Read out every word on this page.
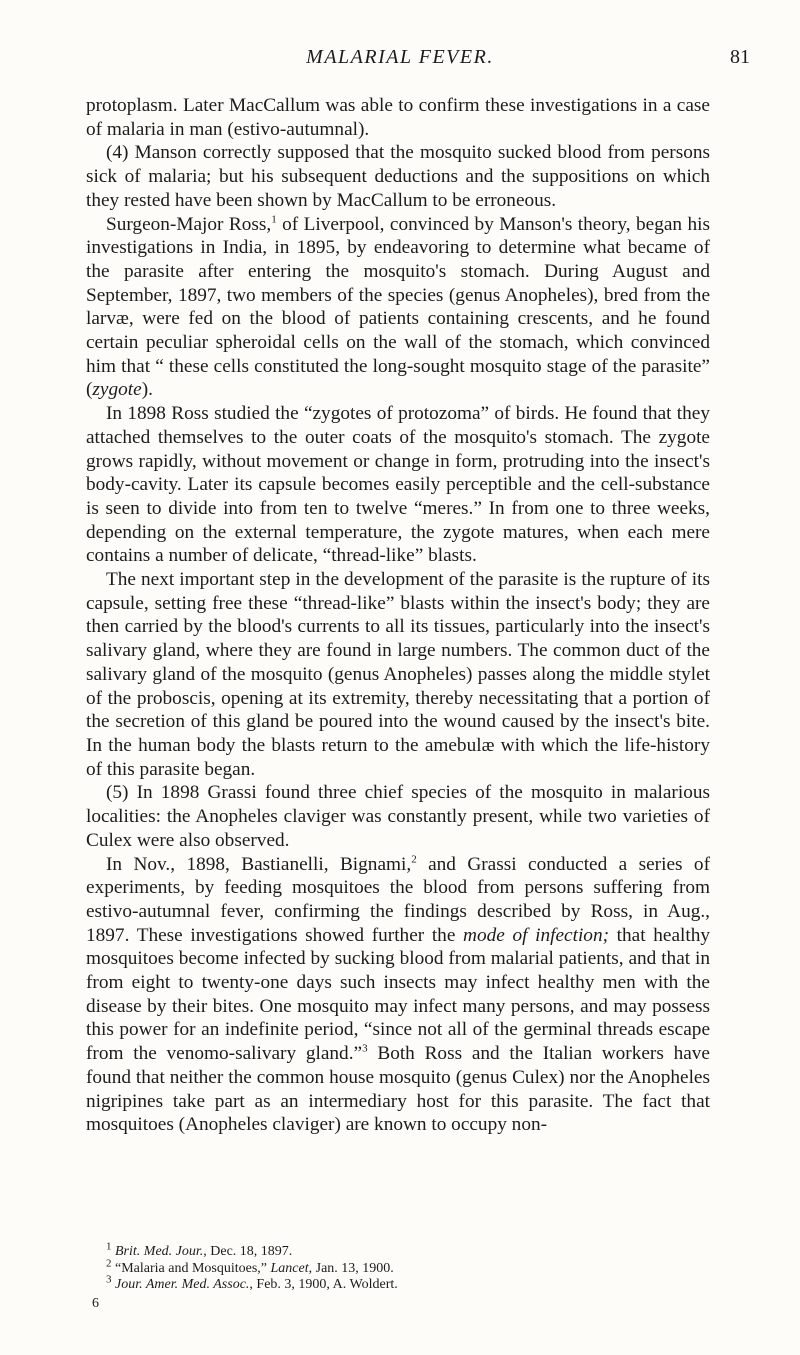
MALARIAL FEVER.	81

protoplasm. Later MacCallum was able to confirm these investigations in a case of malaria in man (estivo-autumnal).

(4) Manson correctly supposed that the mosquito sucked blood from persons sick of malaria; but his subsequent deductions and the suppositions on which they rested have been shown by MacCallum to be erroneous.

Surgeon-Major Ross,$^1$ of Liverpool, convinced by Manson's theory, began his investigations in India, in 1895, by endeavoring to determine what became of the parasite after entering the mosquito's stomach. During August and September, 1897, two members of the species (genus Anopheles), bred from the larvæ, were fed on the blood of patients containing crescents, and he found certain peculiar spheroidal cells on the wall of the stomach, which convinced him that “ these cells constituted the long-sought mosquito stage of the parasite” (zygote).

In 1898 Ross studied the “zygotes of protozoma” of birds. He found that they attached themselves to the outer coats of the mosquito's stomach. The zygote grows rapidly, without movement or change in form, protruding into the insect's body-cavity. Later its capsule becomes easily perceptible and the cell-substance is seen to divide into from ten to twelve “meres.” In from one to three weeks, depending on the external temperature, the zygote matures, when each mere contains a number of delicate, “thread-like” blasts.

The next important step in the development of the parasite is the rupture of its capsule, setting free these “thread-like” blasts within the insect's body; they are then carried by the blood's currents to all its tissues, particularly into the insect's salivary gland, where they are found in large numbers. The common duct of the salivary gland of the mosquito (genus Anopheles) passes along the middle stylet of the proboscis, opening at its extremity, thereby necessitating that a portion of the secretion of this gland be poured into the wound caused by the insect's bite. In the human body the blasts return to the amebulæ with which the life-history of this parasite began.

(5) In 1898 Grassi found three chief species of the mosquito in malarious localities: the Anopheles claviger was constantly present, while two varieties of Culex were also observed.

In Nov., 1898, Bastianelli, Bignami,$^2$ and Grassi conducted a series of experiments, by feeding mosquitoes the blood from persons suffering from estivo-autumnal fever, confirming the findings described by Ross, in Aug., 1897. These investigations showed further the mode of infection; that healthy mosquitoes become infected by sucking blood from malarial patients, and that in from eight to twenty-one days such insects may infect healthy men with the disease by their bites. One mosquito may infect many persons, and may possess this power for an indefinite period, “since not all of the germinal threads escape from the venomo-salivary gland.”$^3$ Both Ross and the Italian workers have found that neither the common house mosquito (genus Culex) nor the Anopheles nigripines take part as an intermediary host for this parasite. The fact that mosquitoes (Anopheles claviger) are known to occupy non-

$^1$ Brit. Med. Jour., Dec. 18, 1897.

$^2$ “Malaria and Mosquitoes,” Lancet, Jan. 13, 1900.

$^3$ Jour. Amer. Med. Assoc., Feb. 3, 1900, A. Woldert.

6
